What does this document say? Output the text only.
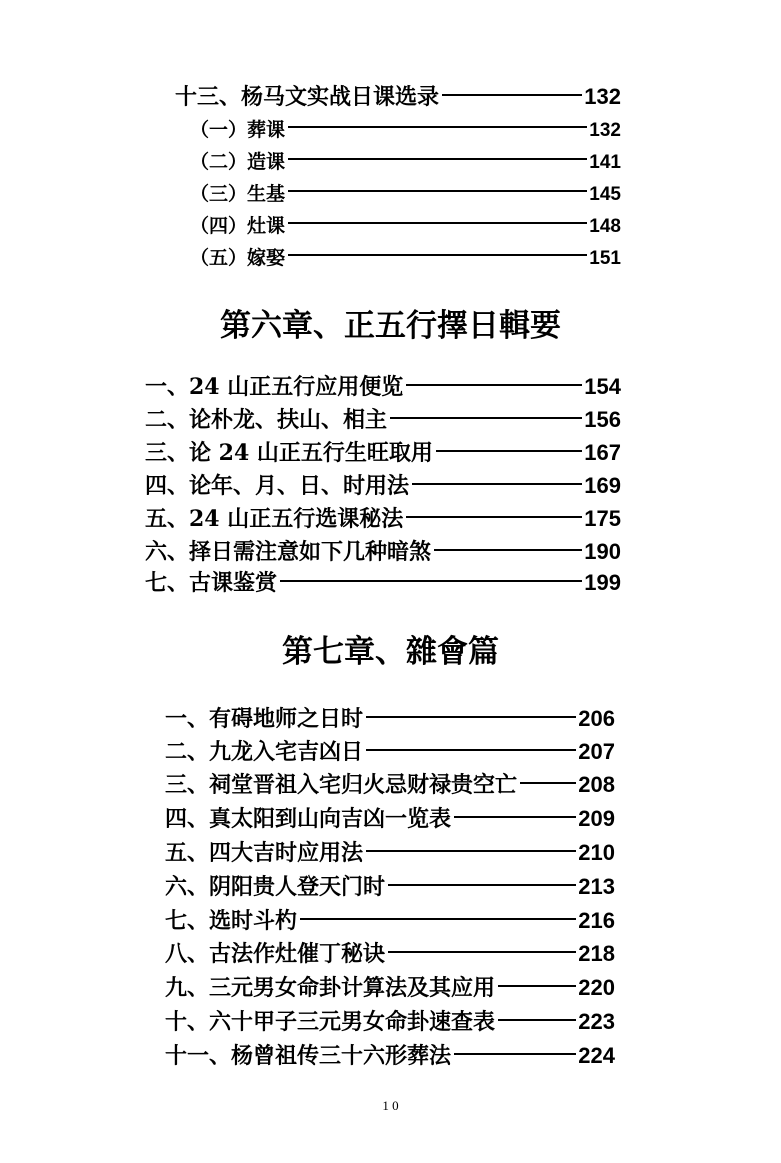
十三、杨马文实战日课选录	132
（一）葬课	132
（二）造课	141
（三）生基	145
（四）灶课	148
（五）嫁娶	151
第六章、正五行擇日輯要
一、24 山正五行应用便览	154
二、论朴龙、扶山、相主	156
三、论 24 山正五行生旺取用	167
四、论年、月、日、时用法	169
五、24 山正五行选课秘法	175
六、择日需注意如下几种暗煞	190
七、古课鉴赏	199
第七章、雜會篇
一、有碍地师之日时	206
二、九龙入宅吉凶日	207
三、祠堂晋祖入宅归火忌财禄贵空亡	208
四、真太阳到山向吉凶一览表	209
五、四大吉时应用法	210
六、阴阳贵人登天门时	213
七、选时斗杓	216
八、古法作灶催丁秘诀	218
九、三元男女命卦计算法及其应用	220
十、六十甲子三元男女命卦速查表	223
十一、杨曾祖传三十六形葬法	224
1 0
